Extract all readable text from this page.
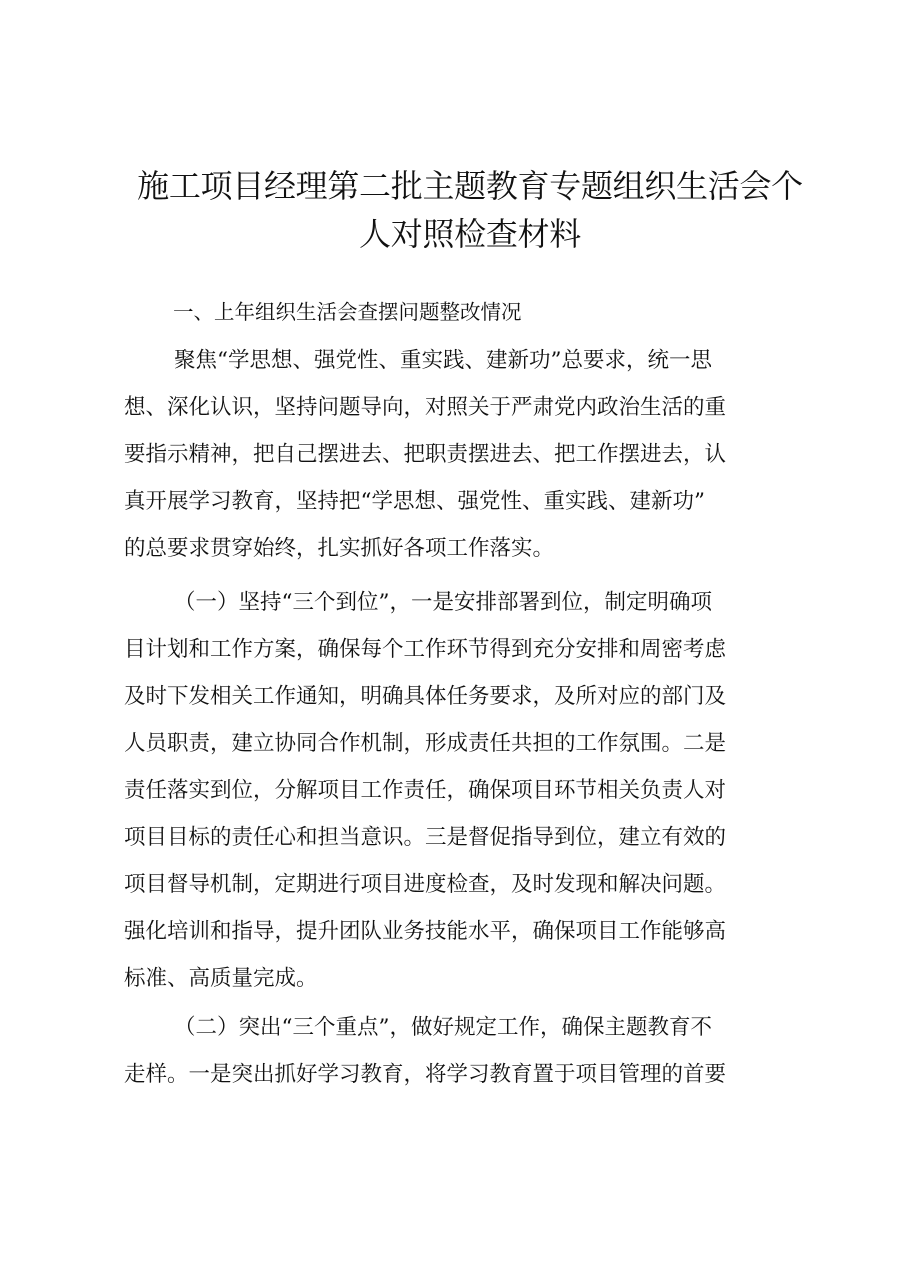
施工项目经理第二批主题教育专题组织生活会个
人对照检查材料
一、上年组织生活会查摆问题整改情况
聚焦“学思想、强党性、重实践、建新功”总要求，统一思
想、深化认识，坚持问题导向，对照关于严肃党内政治生活的重
要指示精神，把自己摆进去、把职责摆进去、把工作摆进去，认
真开展学习教育，坚持把“学思想、强党性、重实践、建新功”
的总要求贯穿始终，扎实抓好各项工作落实。
（一）坚持“三个到位”，一是安排部署到位，制定明确项
目计划和工作方案，确保每个工作环节得到充分安排和周密考虑
及时下发相关工作通知，明确具体任务要求，及所对应的部门及
人员职责，建立协同合作机制，形成责任共担的工作氛围。二是
责任落实到位，分解项目工作责任，确保项目环节相关负责人对
项目目标的责任心和担当意识。三是督促指导到位，建立有效的
项目督导机制，定期进行项目进度检查，及时发现和解决问题。
强化培训和指导，提升团队业务技能水平，确保项目工作能够高
标准、高质量完成。
（二）突出“三个重点”，做好规定工作，确保主题教育不
走样。一是突出抓好学习教育，将学习教育置于项目管理的首要
